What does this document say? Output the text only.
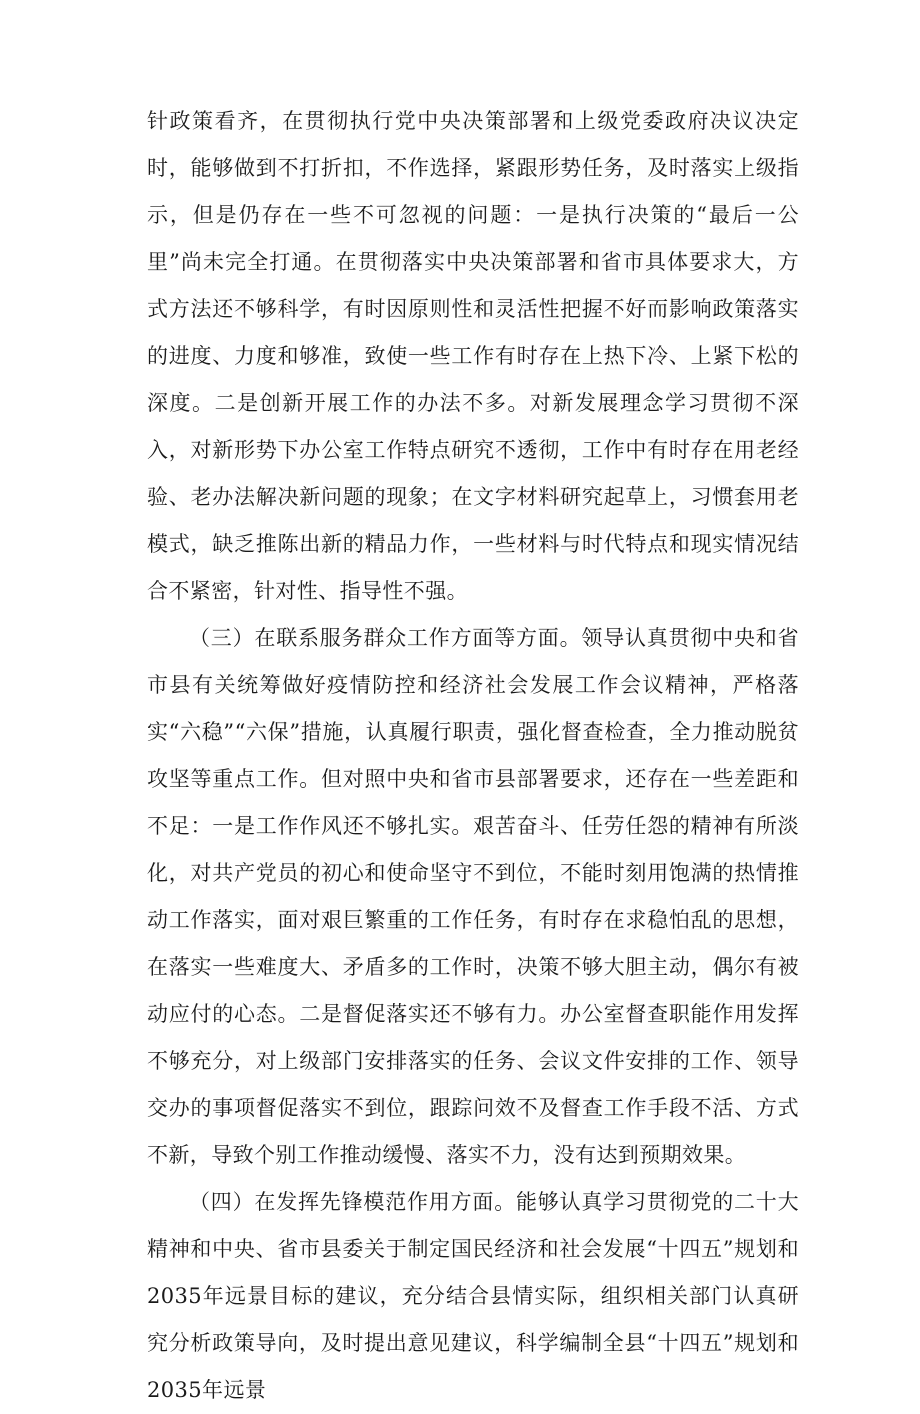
针政策看齐，在贯彻执行党中央决策部署和上级党委政府决议决定时，能够做到不打折扣，不作选择，紧跟形势任务，及时落实上级指示，但是仍存在一些不可忽视的问题：一是执行决策的“最后一公里”尚未完全打通。在贯彻落实中央决策部署和省市具体要求大，方式方法还不够科学，有时因原则性和灵活性把握不好而影响政策落实的进度、力度和够准，致使一些工作有时存在上热下冷、上紧下松的深度。二是创新开展工作的办法不多。对新发展理念学习贯彻不深入，对新形势下办公室工作特点研究不透彻，工作中有时存在用老经验、老办法解决新问题的现象；在文字材料研究起草上，习惯套用老模式，缺乏推陈出新的精品力作，一些材料与时代特点和现实情况结合不紧密，针对性、指导性不强。

（三）在联系服务群众工作方面等方面。领导认真贯彻中央和省市县有关统筹做好疫情防控和经济社会发展工作会议精神，严格落实“六稳”“六保”措施，认真履行职责，强化督查检查，全力推动脱贫攻坚等重点工作。但对照中央和省市县部署要求，还存在一些差距和不足：一是工作作风还不够扎实。艰苦奋斗、任劳任怨的精神有所淡化，对共产党员的初心和使命坚守不到位，不能时刻用饱满的热情推动工作落实，面对艰巨繁重的工作任务，有时存在求稳怕乱的思想，在落实一些难度大、矛盾多的工作时，决策不够大胆主动，偶尔有被动应付的心态。二是督促落实还不够有力。办公室督查职能作用发挥不够充分，对上级部门安排落实的任务、会议文件安排的工作、领导交办的事项督促落实不到位，跟踪问效不及督查工作手段不活、方式不新，导致个别工作推动缓慢、落实不力，没有达到预期效果。

（四）在发挥先锋模范作用方面。能够认真学习贯彻党的二十大精神和中央、省市县委关于制定国民经济和社会发展“十四五”规划和2035年远景目标的建议，充分结合县情实际，组织相关部门认真研究分析政策导向，及时提出意见建议，科学编制全县“十四五”规划和2035年远景
